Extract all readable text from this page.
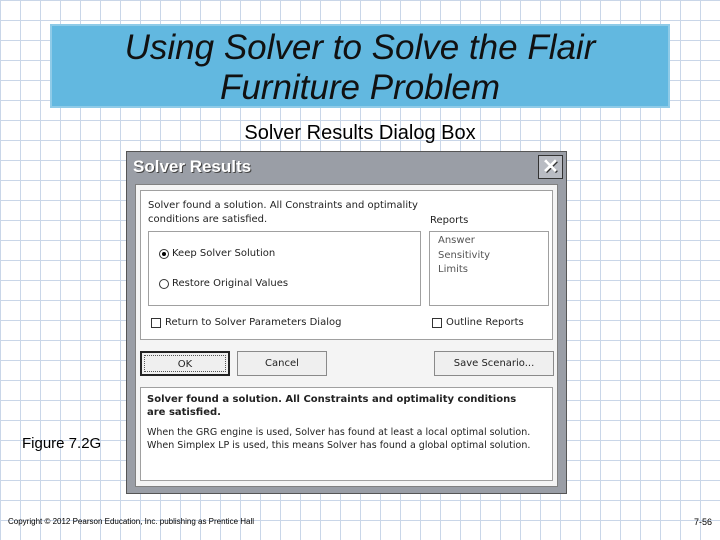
Using Solver to Solve the Flair Furniture Problem
Solver Results Dialog Box
Solver Results	✕
Solver found a solution. All Constraints and optimality conditions are satisfied.
Keep Solver Solution
Restore Original Values
Reports
Answer
Sensitivity
Limits
Return to Solver Parameters Dialog	Outline Reports
OK	Cancel	Save Scenario...
Solver found a solution. All Constraints and optimality conditions are satisfied.
When the GRG engine is used, Solver has found at least a local optimal solution. When Simplex LP is used, this means Solver has found a global optimal solution.
Figure 7.2G
Copyright © 2012 Pearson Education, Inc. publishing as Prentice Hall	7-56
